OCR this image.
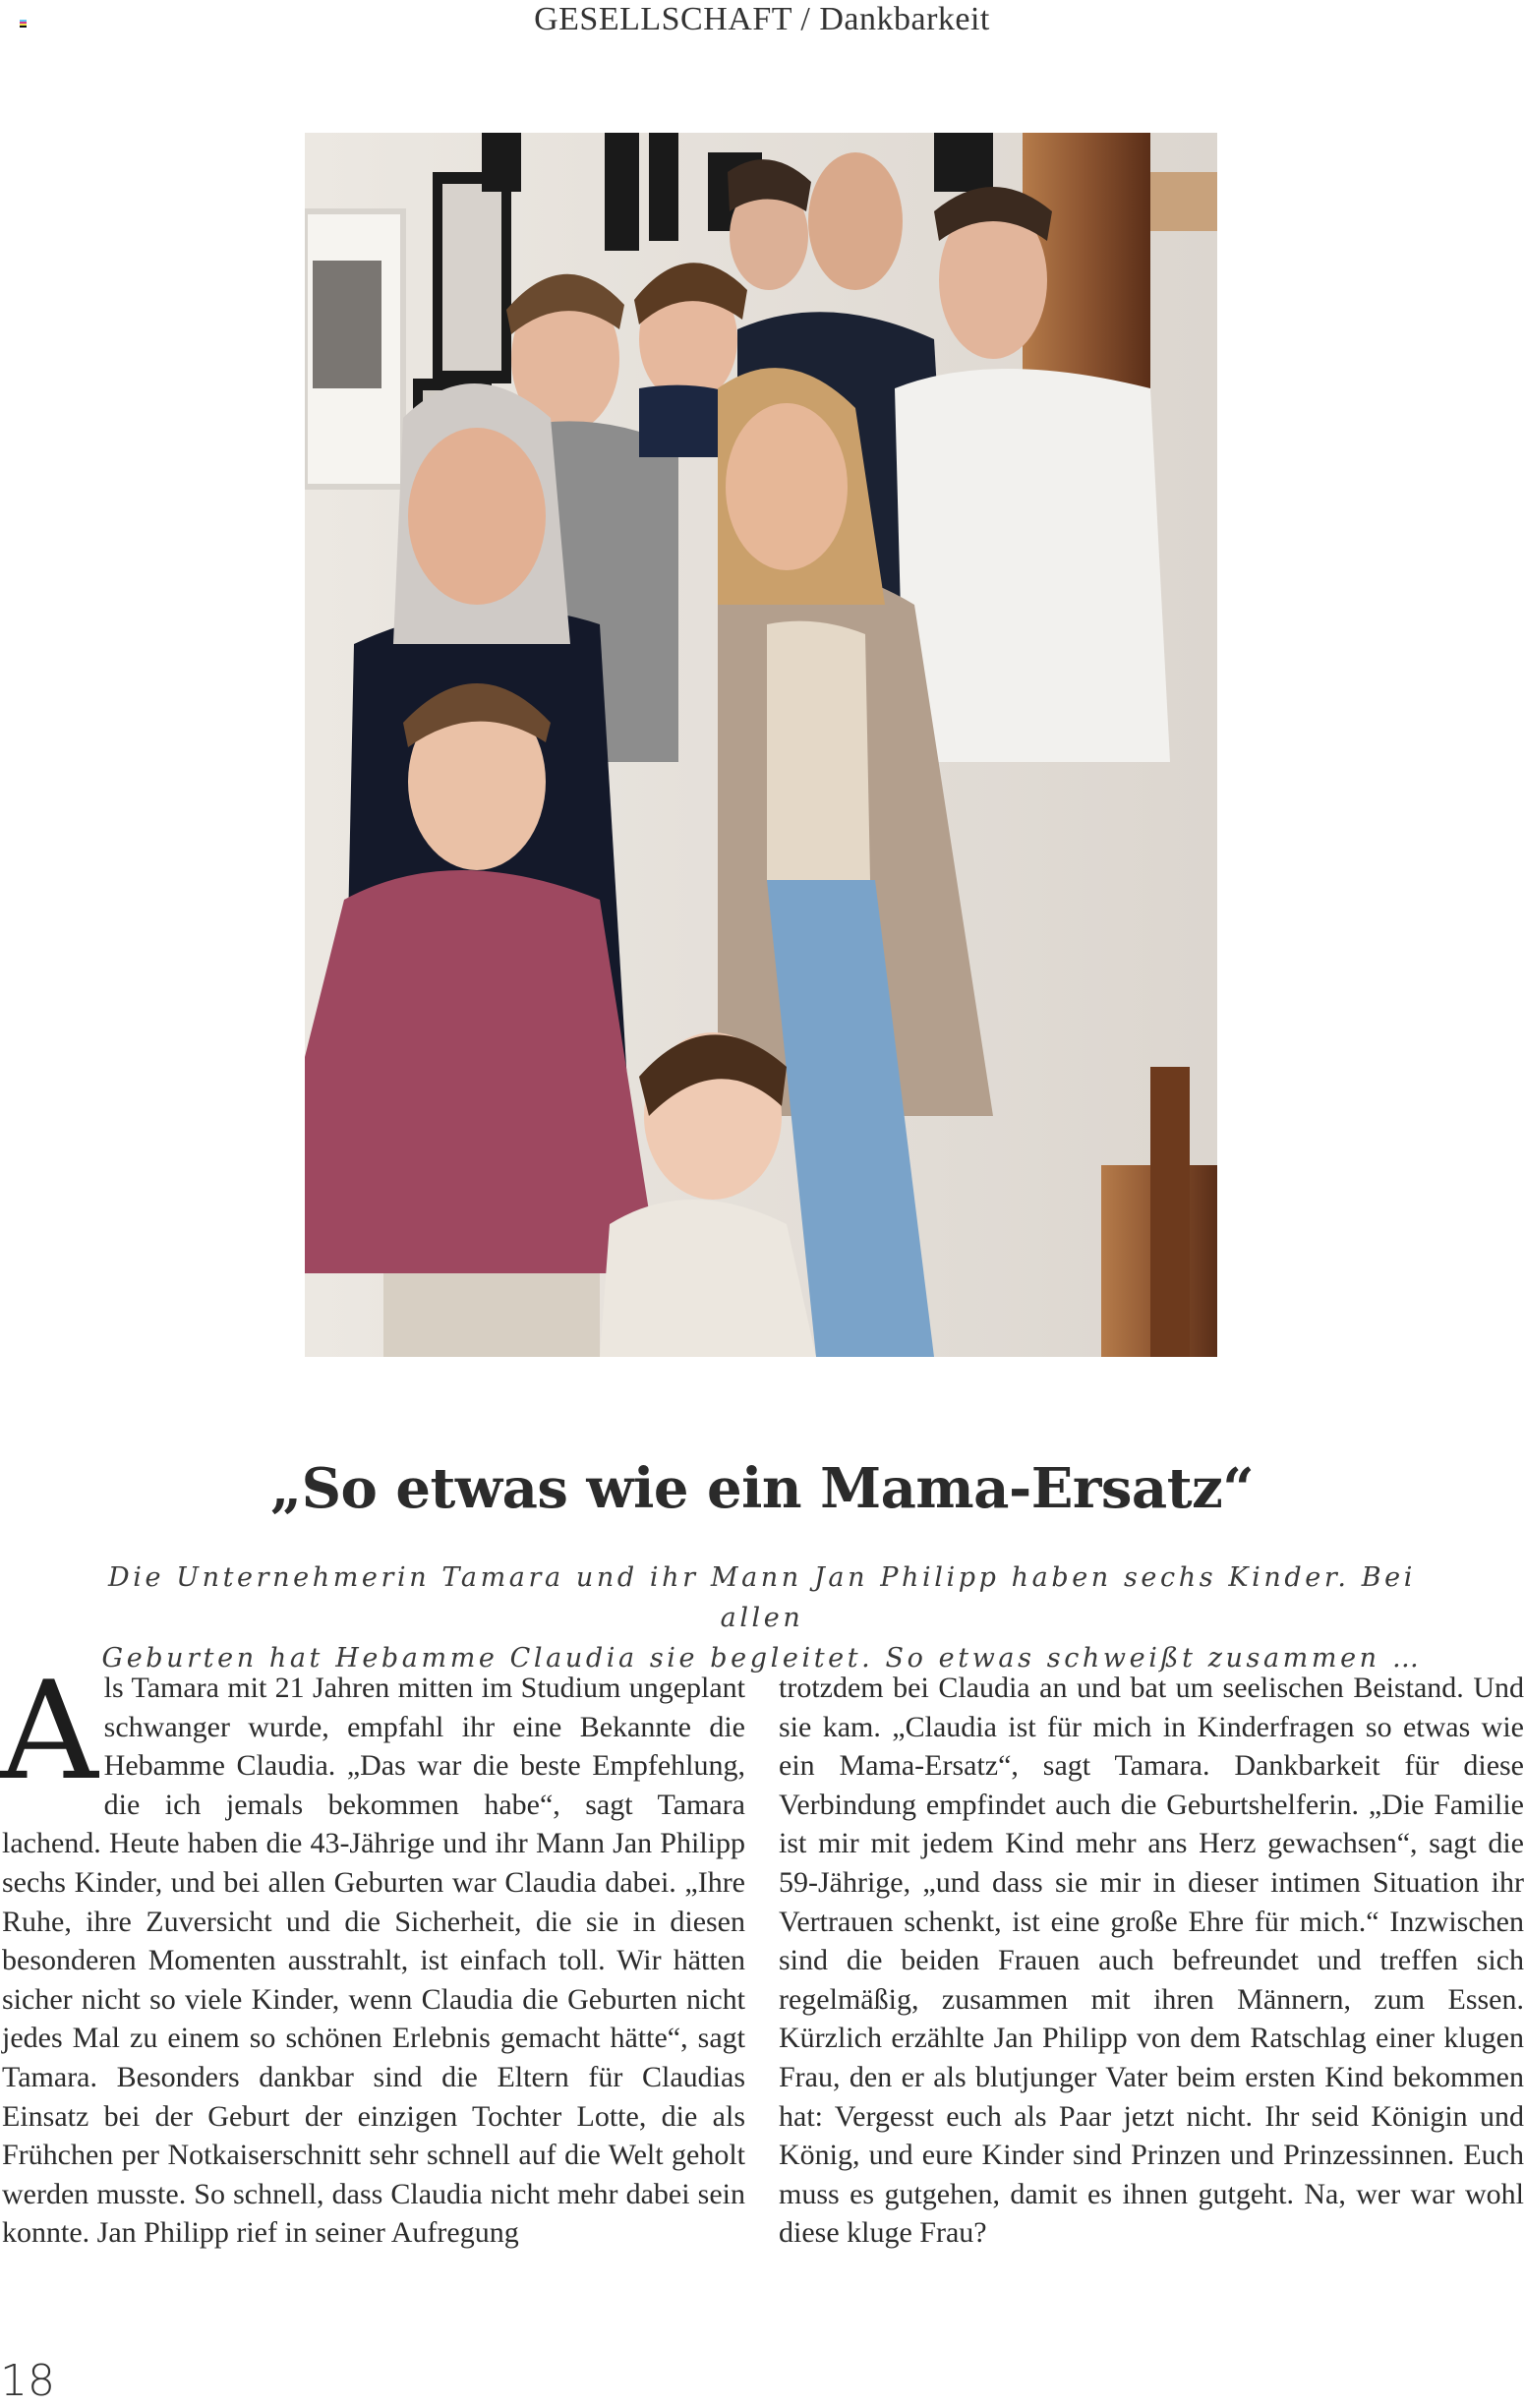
GESELLSCHAFT / Dankbarkeit
„So etwas wie ein Mama-Ersatz“
Die Unternehmerin Tamara und ihr Mann Jan Philipp haben sechs Kinder. Bei allen
Geburten hat Hebamme Claudia sie begleitet. So etwas schweißt zusammen …
A ls Tamara mit 21 Jahren mitten im Studium ungeplant schwanger wurde, empfahl ihr eine Bekannte die Hebamme Claudia. „Das war die beste Empfehlung, die ich jemals bekommen habe“, sagt Tamara lachend. Heute haben die 43-Jährige und ihr Mann Jan Philipp sechs Kinder, und bei allen Geburten war Claudia dabei. „Ihre Ruhe, ihre Zuversicht und die Sicherheit, die sie in diesen besonderen Momenten ausstrahlt, ist einfach toll. Wir hätten sicher nicht so viele Kinder, wenn Claudia die Geburten nicht jedes Mal zu einem so schönen Erlebnis gemacht hätte“, sagt Tamara. Besonders dankbar sind die Eltern für Claudias Einsatz bei der Geburt der einzigen Tochter Lotte, die als Frühchen per Notkaiserschnitt sehr schnell auf die Welt geholt werden musste. So schnell, dass Claudia nicht mehr dabei sein konnte. Jan Philipp rief in seiner Aufregung

trotzdem bei Claudia an und bat um seelischen Beistand. Und sie kam. „Claudia ist für mich in Kinderfragen so etwas wie ein Mama-Ersatz“, sagt Tamara. Dankbarkeit für diese Verbindung empfindet auch die Geburtshelferin. „Die Familie ist mir mit jedem Kind mehr ans Herz gewachsen“, sagt die 59-Jährige, „und dass sie mir in dieser intimen Situation ihr Vertrauen schenkt, ist eine große Ehre für mich.“ Inzwischen sind die beiden Frauen auch befreundet und treffen sich regelmäßig, zusammen mit ihren Männern, zum Essen. Kürzlich erzählte Jan Philipp von dem Ratschlag einer klugen Frau, den er als blutjunger Vater beim ersten Kind bekommen hat: Vergesst euch als Paar jetzt nicht. Ihr seid Königin und König, und eure Kinder sind Prinzen und Prinzessinnen. Euch muss es gutgehen, damit es ihnen gutgeht. Na, wer war wohl diese kluge Frau?

18
